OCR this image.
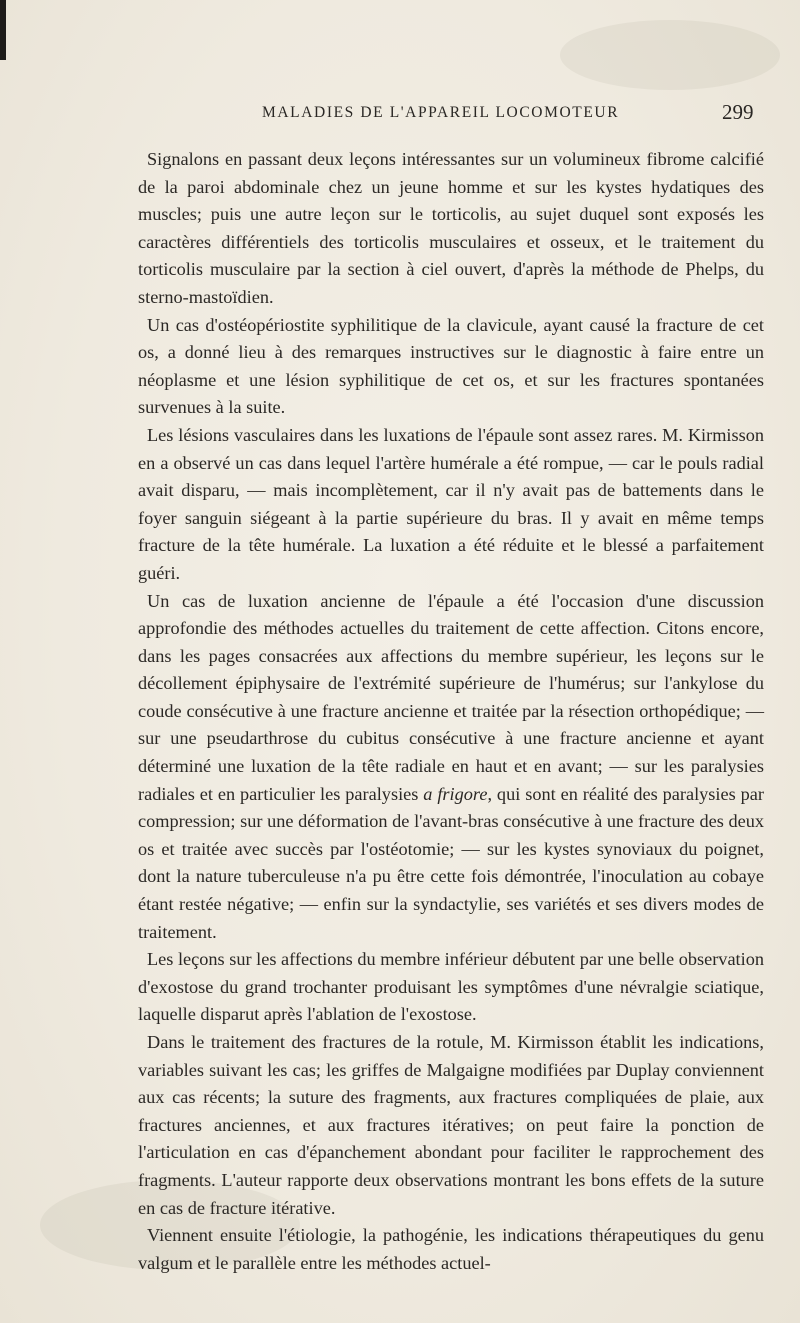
MALADIES DE L'APPAREIL LOCOMOTEUR	299

Signalons en passant deux leçons intéressantes sur un volumineux fibrome calcifié de la paroi abdominale chez un jeune homme et sur les kystes hydatiques des muscles; puis une autre leçon sur le torticolis, au sujet duquel sont exposés les caractères différentiels des torticolis musculaires et osseux, et le traitement du torticolis musculaire par la section à ciel ouvert, d'après la méthode de Phelps, du sterno-mastoïdien.

Un cas d'ostéopériostite syphilitique de la clavicule, ayant causé la fracture de cet os, a donné lieu à des remarques instructives sur le diagnostic à faire entre un néoplasme et une lésion syphilitique de cet os, et sur les fractures spontanées survenues à la suite.

Les lésions vasculaires dans les luxations de l'épaule sont assez rares. M. Kirmisson en a observé un cas dans lequel l'artère humérale a été rompue, — car le pouls radial avait disparu, — mais incomplètement, car il n'y avait pas de battements dans le foyer sanguin siégeant à la partie supérieure du bras. Il y avait en même temps fracture de la tête humérale. La luxation a été réduite et le blessé a parfaitement guéri.

Un cas de luxation ancienne de l'épaule a été l'occasion d'une discussion approfondie des méthodes actuelles du traitement de cette affection. Citons encore, dans les pages consacrées aux affections du membre supérieur, les leçons sur le décollement épiphysaire de l'extrémité supérieure de l'humérus; sur l'ankylose du coude consécutive à une fracture ancienne et traitée par la résection orthopédique; — sur une pseudarthrose du cubitus consécutive à une fracture ancienne et ayant déterminé une luxation de la tête radiale en haut et en avant; — sur les paralysies radiales et en particulier les paralysies a frigore, qui sont en réalité des paralysies par compression; sur une déformation de l'avant-bras consécutive à une fracture des deux os et traitée avec succès par l'ostéotomie; — sur les kystes synoviaux du poignet, dont la nature tuberculeuse n'a pu être cette fois démontrée, l'inoculation au cobaye étant restée négative; — enfin sur la syndactylie, ses variétés et ses divers modes de traitement.

Les leçons sur les affections du membre inférieur débutent par une belle observation d'exostose du grand trochanter produisant les symptômes d'une névralgie sciatique, laquelle disparut après l'ablation de l'exostose.

Dans le traitement des fractures de la rotule, M. Kirmisson établit les indications, variables suivant les cas; les griffes de Malgaigne modifiées par Duplay conviennent aux cas récents; la suture des fragments, aux fractures compliquées de plaie, aux fractures anciennes, et aux fractures itératives; on peut faire la ponction de l'articulation en cas d'épanchement abondant pour faciliter le rapprochement des fragments. L'auteur rapporte deux observations montrant les bons effets de la suture en cas de fracture itérative.

Viennent ensuite l'étiologie, la pathogénie, les indications thérapeutiques du genu valgum et le parallèle entre les méthodes actuel-
